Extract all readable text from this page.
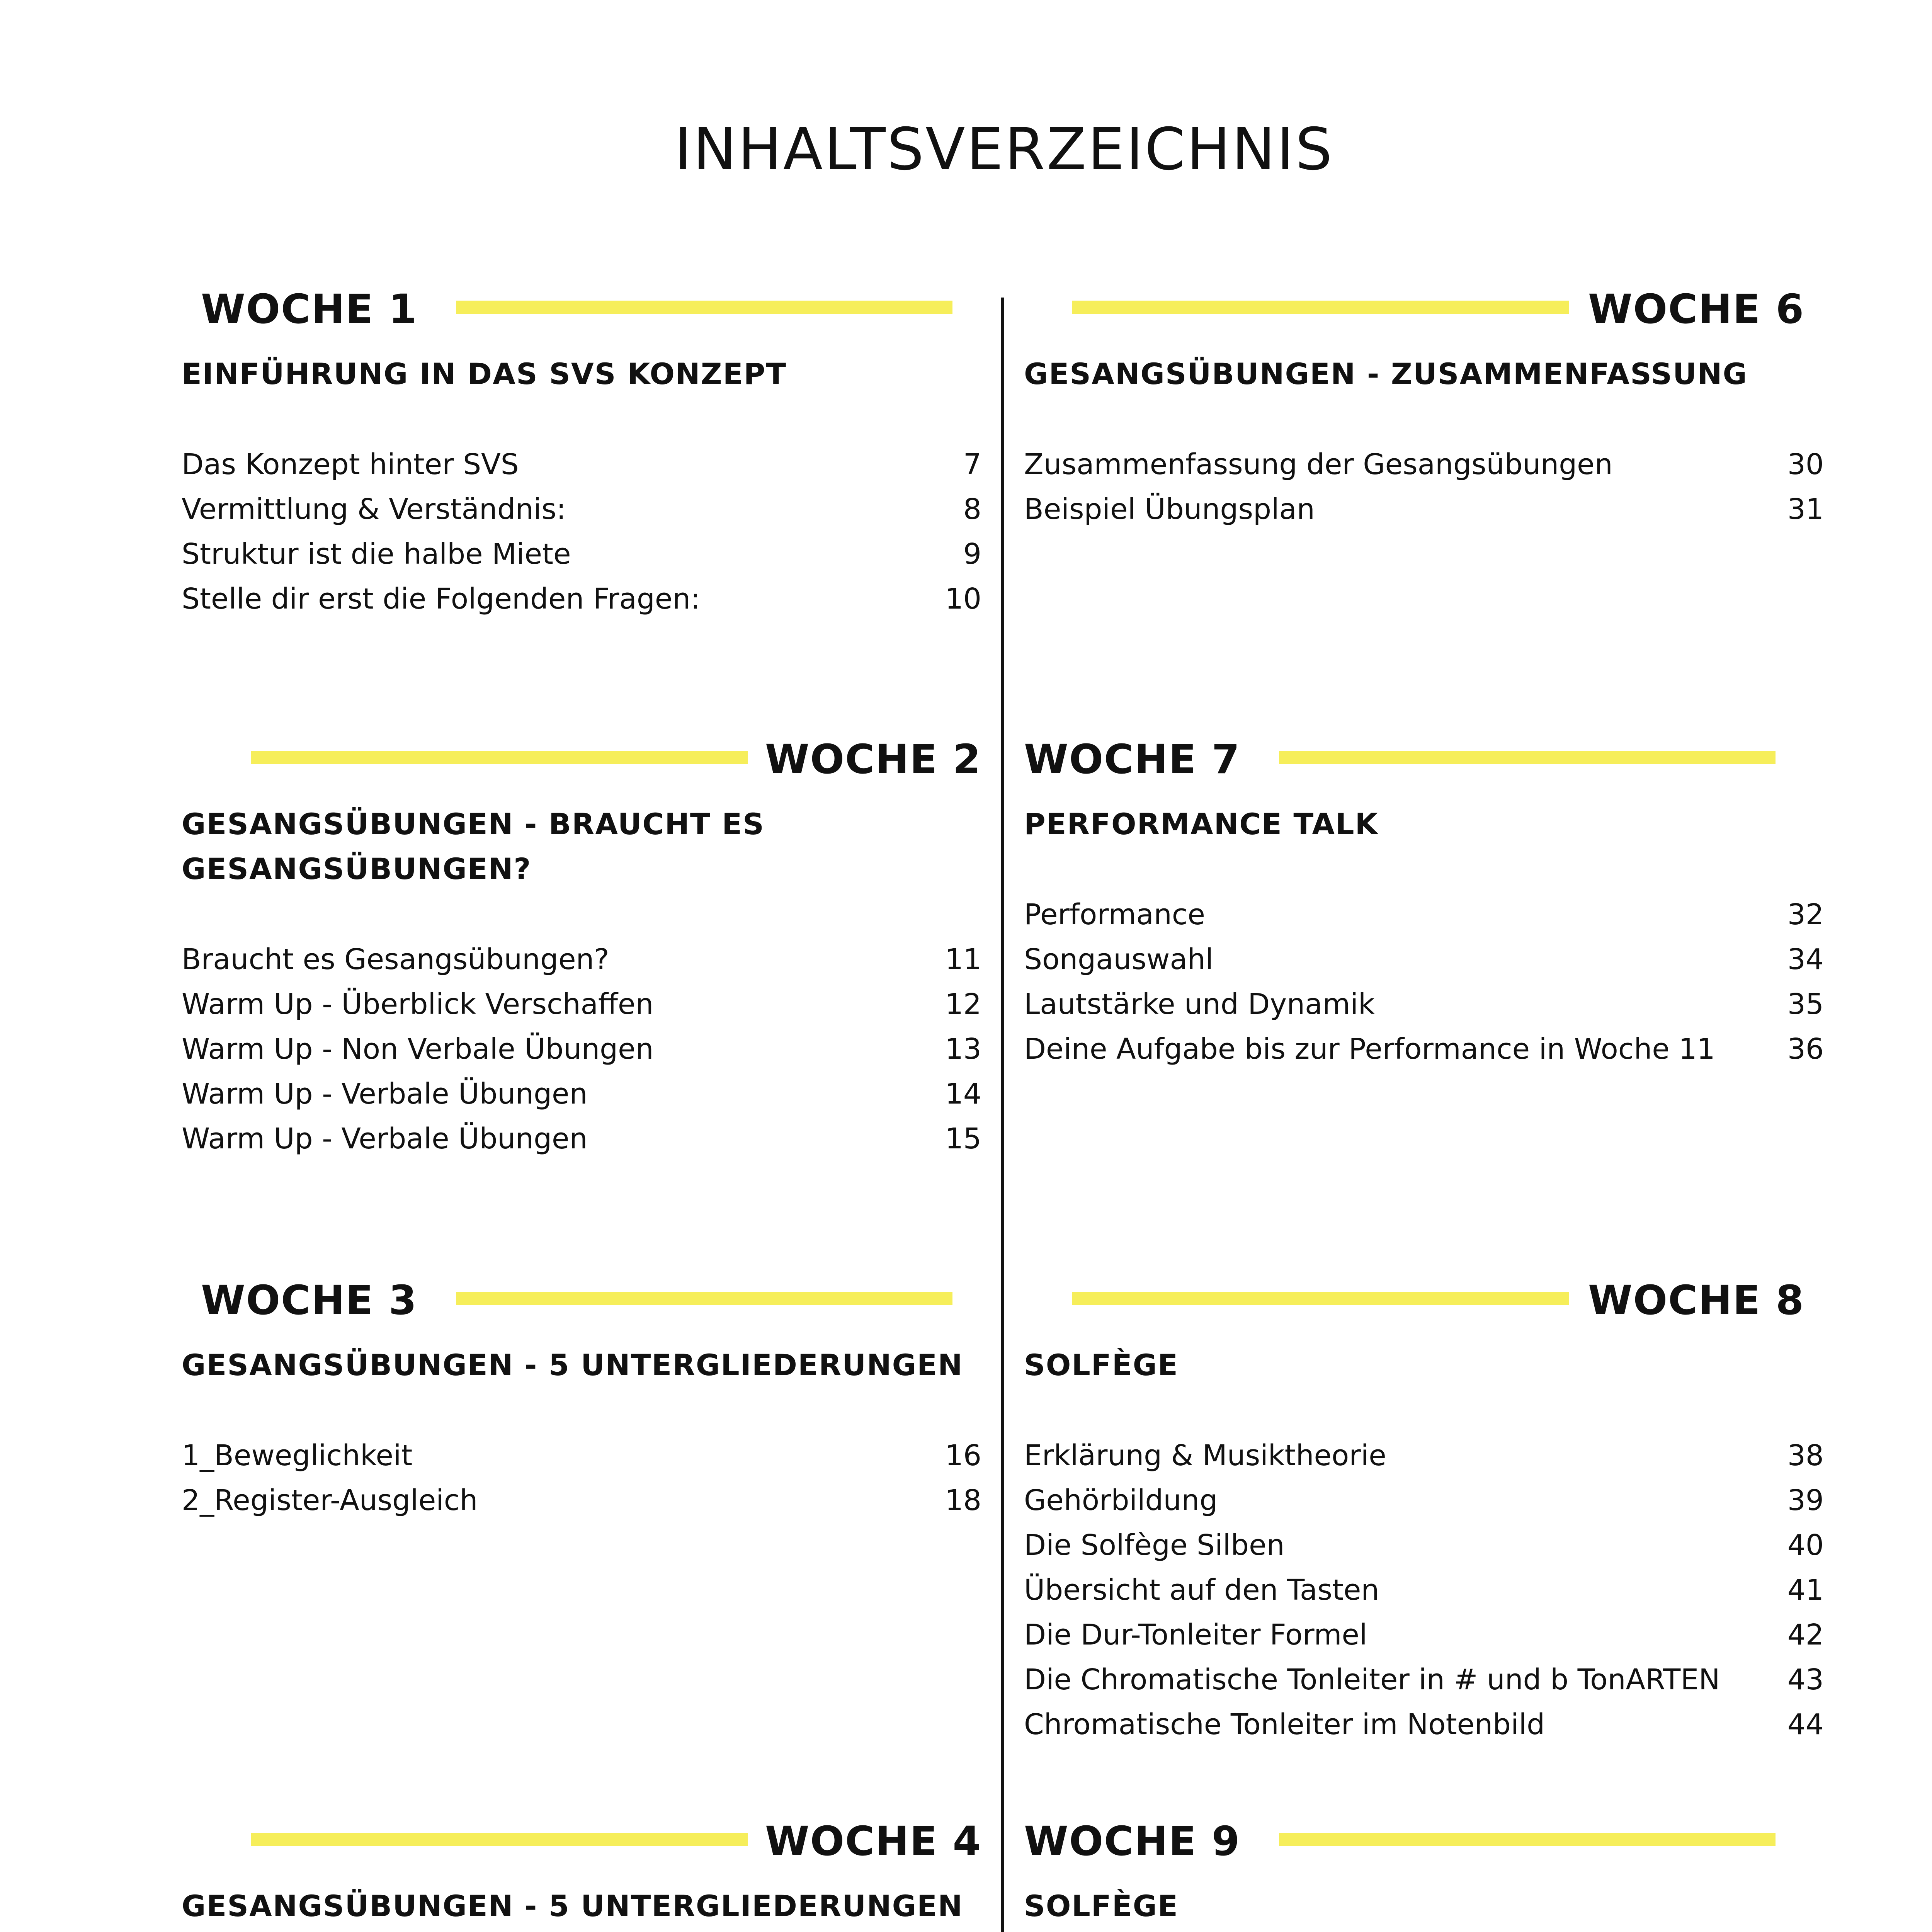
INHALTSVERZEICHNIS
WOCHE 1
EINFÜHRUNG IN DAS SVS KONZEPT
Das Konzept hinter SVS	7
Vermittlung & Verständnis:	8
Struktur ist die halbe Miete	9
Stelle dir erst die Folgenden Fragen:	10
WOCHE 2
GESANGSÜBUNGEN - BRAUCHT ES GESANGSÜBUNGEN?
Braucht es Gesangsübungen?	11
Warm Up - Überblick Verschaffen	12
Warm Up - Non Verbale Übungen	13
Warm Up - Verbale Übungen	14
Warm Up - Verbale Übungen	15
WOCHE 3
GESANGSÜBUNGEN - 5 UNTERGLIEDERUNGEN
1_Beweglichkeit	16
2_Register-Ausgleich	18
WOCHE 4
GESANGSÜBUNGEN - 5 UNTERGLIEDERUNGEN
WOCHE 6
GESANGSÜBUNGEN - ZUSAMMENFASSUNG
Zusammenfassung der Gesangsübungen	30
Beispiel Übungsplan	31
WOCHE 7
PERFORMANCE TALK
Performance	32
Songauswahl	34
Lautstärke und Dynamik	35
Deine Aufgabe bis zur Performance in Woche 11	36
WOCHE 8
SOLFÈGE
Erklärung & Musiktheorie	38
Gehörbildung	39
Die Solfège Silben	40
Übersicht auf den Tasten	41
Die Dur-Tonleiter Formel	42
Die Chromatische Tonleiter in # und b TonARTEN 43
Chromatische Tonleiter im Notenbild	44
WOCHE 9
SOLFÈGE
